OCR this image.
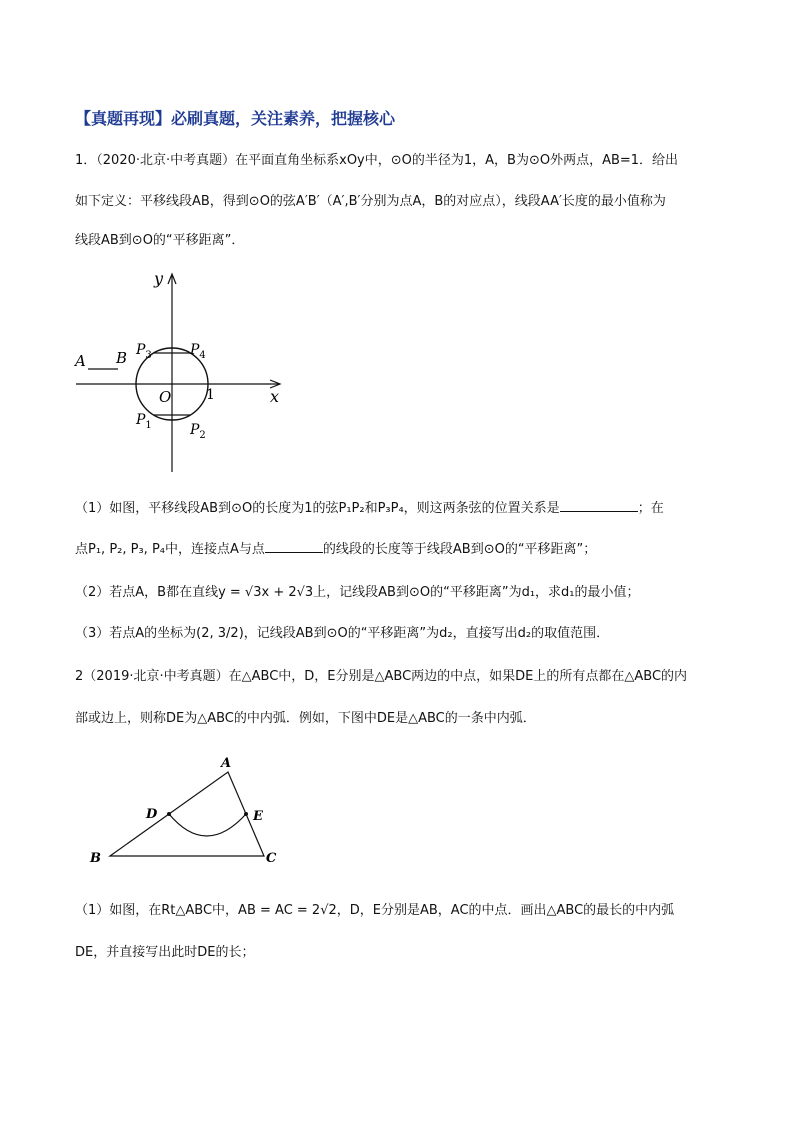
【真题再现】必刷真题，关注素养，把握核心
1．（2020·北京·中考真题）在平面直角坐标系xOy中，⊙O的半径为1，A，B为⊙O外两点，AB=1．给出
如下定义：平移线段AB，得到⊙O的弦A′B′（A′,B′分别为点A，B的对应点），线段AA′长度的最小值称为
线段AB到⊙O的“平移距离”．
y
x
O 1
A B $P_3$	$P_4$
$P_1$	$P_2$
（1）如图，平移线段AB到⊙O的长度为1的弦P₁P₂和P₃P₄，则这两条弦的位置关系是	；在
点P₁, P₂, P₃, P₄中，连接点A与点	的线段的长度等于线段AB到⊙O的“平移距离”；
（2）若点A，B都在直线y = √3x + 2√3上，记线段AB到⊙O的“平移距离”为d₁，求d₁的最小值；
（3）若点A的坐标为(2, 3/2)，记线段AB到⊙O的“平移距离”为d₂，直接写出d₂的取值范围．
2（2019·北京·中考真题）在△ABC中，D，E分别是△ABC两边的中点，如果DE上的所有点都在△ABC的内
部或边上，则称DE为△ABC的中内弧．例如，下图中DE是△ABC的一条中内弧．
A
B	C
D	E
（1）如图，在Rt△ABC中，AB = AC = 2√2，D，E分别是AB，AC的中点．画出△ABC的最长的中内弧
DE，并直接写出此时DE的长；
